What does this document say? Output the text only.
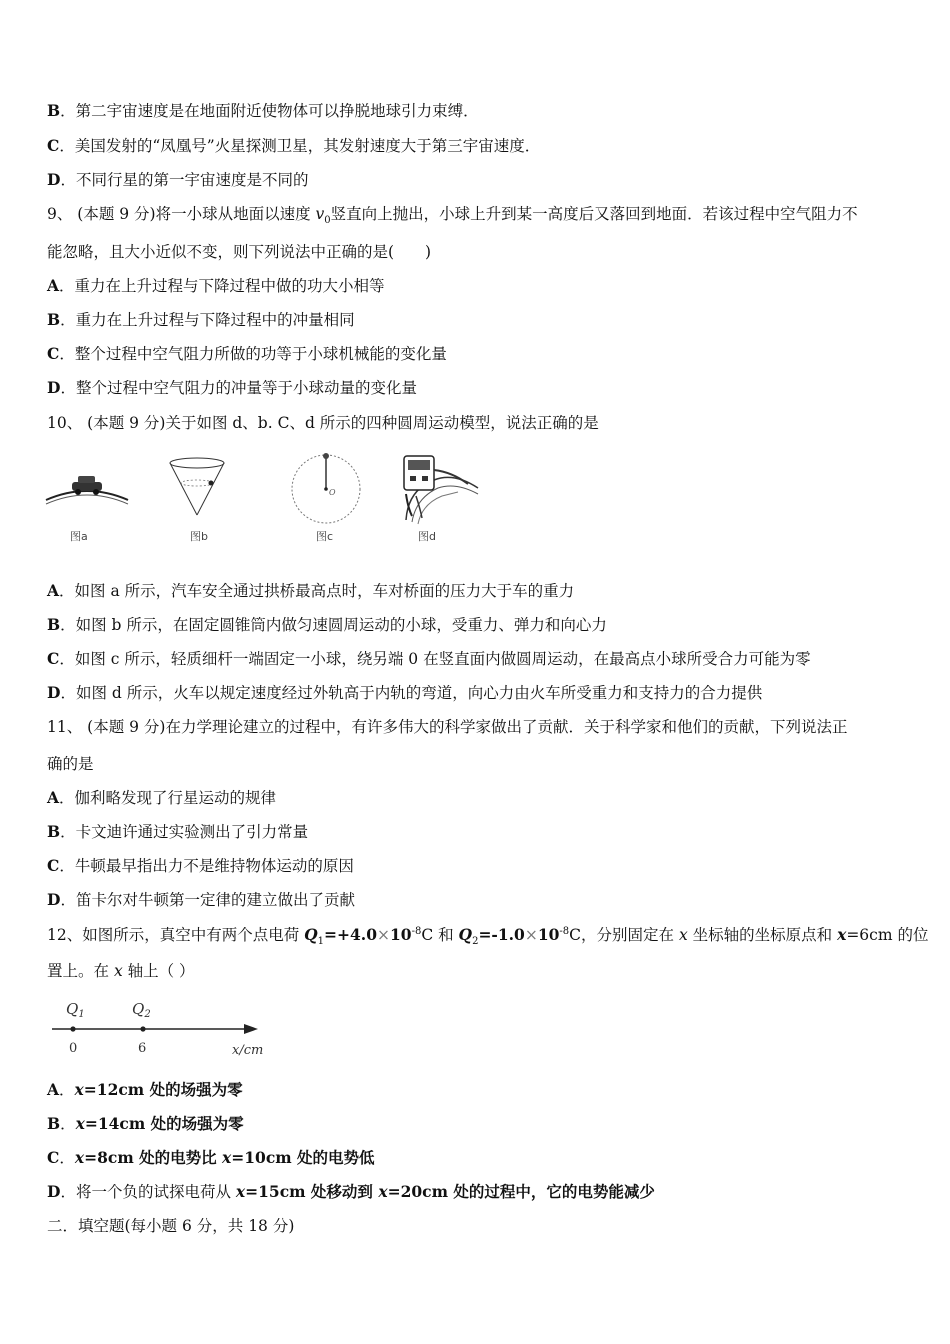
B．第二宇宙速度是在地面附近使物体可以挣脱地球引力束缚．
C．美国发射的“凤凰号”火星探测卫星，其发射速度大于第三宇宙速度．
D．不同行星的第一宇宙速度是不同的
9、 (本题 9 分)将一小球从地面以速度 $v_0$竖直向上抛出，小球上升到某一高度后又落回到地面．若该过程中空气阻力不
能忽略，且大小近似不变，则下列说法中正确的是(　　)
A．重力在上升过程与下降过程中做的功大小相等
B．重力在上升过程与下降过程中的冲量相同
C．整个过程中空气阻力所做的功等于小球机械能的变化量
D．整个过程中空气阻力的冲量等于小球动量的变化量
10、 (本题 9 分)关于如图 d、b. C、d 所示的四种圆周运动模型，说法正确的是
图a	图b
O
图c	图d
A．如图 a 所示，汽车安全通过拱桥最高点时，车对桥面的压力大于车的重力
B．如图 b 所示，在固定圆锥筒内做匀速圆周运动的小球，受重力、弹力和向心力
C．如图 c 所示，轻质细杆一端固定一小球，绕另端 0 在竖直面内做圆周运动，在最高点小球所受合力可能为零
D．如图 d 所示，火车以规定速度经过外轨高于内轨的弯道，向心力由火车所受重力和支持力的合力提供
11、 (本题 9 分)在力学理论建立的过程中，有许多伟大的科学家做出了贡献．关于科学家和他们的贡献，下列说法正
确的是
A．伽利略发现了行星运动的规律
B．卡文迪许通过实验测出了引力常量
C．牛顿最早指出力不是维持物体运动的原因
D．笛卡尔对牛顿第一定律的建立做出了贡献
12、如图所示，真空中有两个点电荷 $Q_1=+4.0\times 10^{-8}C$ 和 $Q_2=-1.0\times 10^{-8}C$，分别固定在 x 坐标轴的坐标原点和 x=6cm 的位
置上。在 x 轴上（ ）
$Q_1$	$Q_2$
0	6	x/cm
A．x=12cm 处的场强为零
B．x=14cm 处的场强为零
C．x=8cm 处的电势比 x=10cm 处的电势低
D．将一个负的试探电荷从 x=15cm 处移动到 x=20cm 处的过程中，它的电势能减少
二．填空题(每小题 6 分，共 18 分)
